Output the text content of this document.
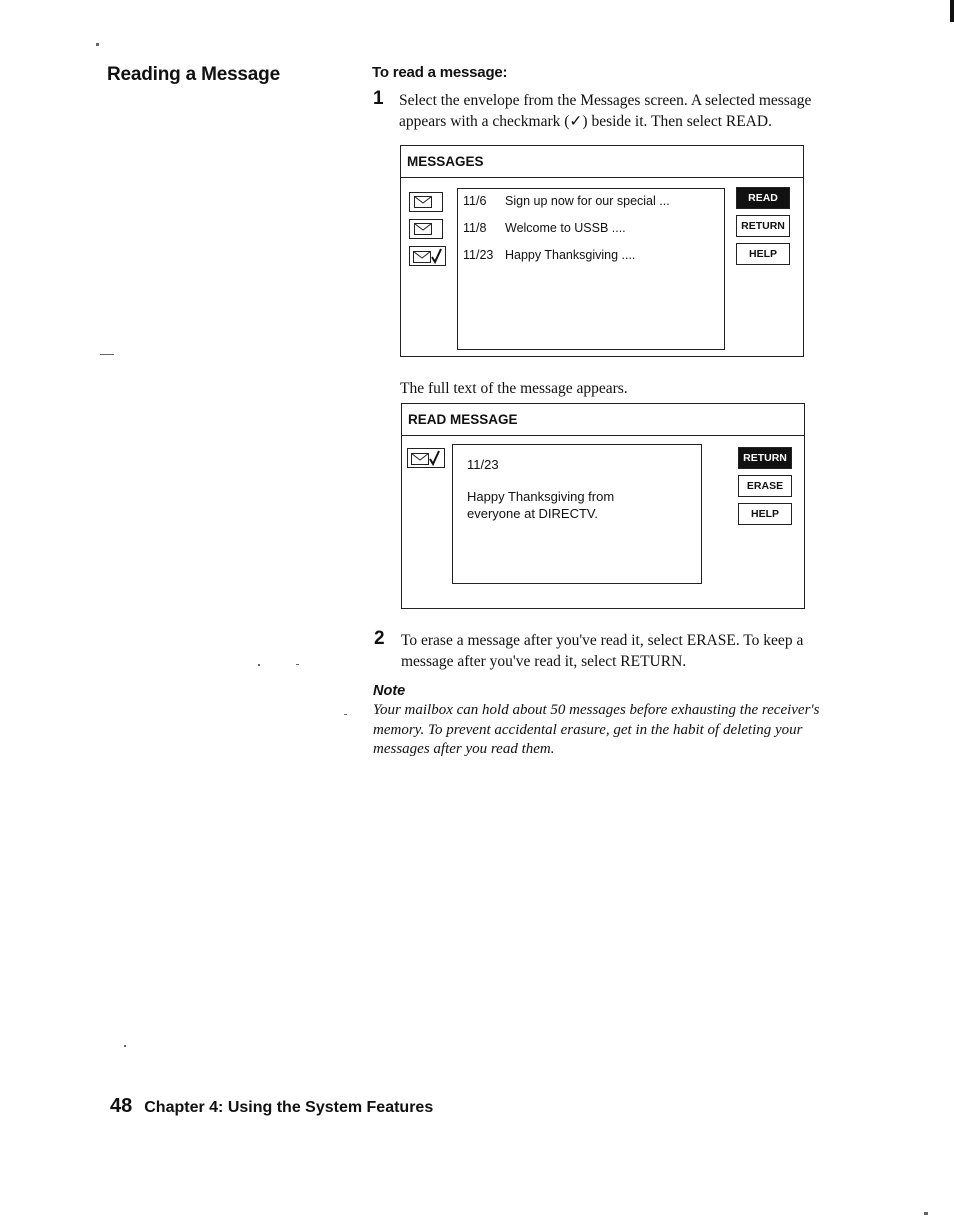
Reading a Message	To read a message:
1 Select the envelope from the Messages screen. A selected message appears with a checkmark (✓) beside it. Then select READ.
MESSAGES
11/6 Sign up now for our special ...
11/8 Welcome to USSB ....
11/23 Happy Thanksgiving ....
READ
RETURN
HELP
The full text of the message appears.
READ MESSAGE
11/23
Happy Thanksgiving from
everyone at DIRECTV.
RETURN
ERASE
HELP
2 To erase a message after you've read it, select ERASE. To keep a message after you've read it, select RETURN.
Note
Your mailbox can hold about 50 messages before exhausting the receiver's memory. To prevent accidental erasure, get in the habit of deleting your messages after you read them.
48 Chapter 4: Using the System Features
